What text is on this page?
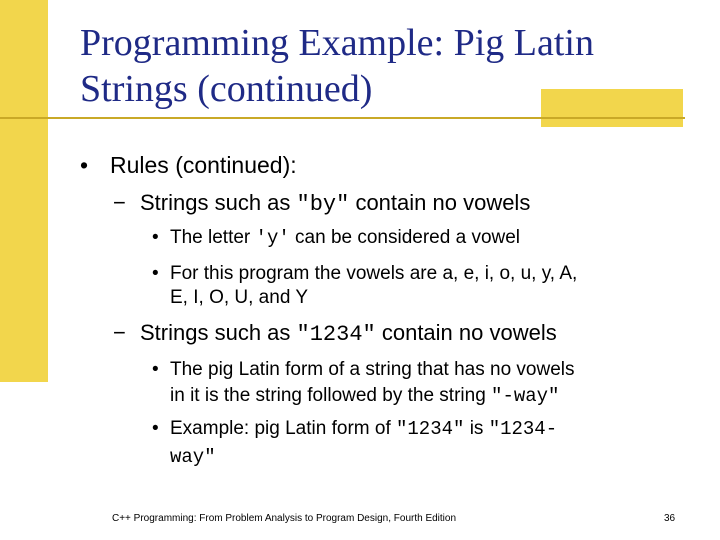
Programming Example: Pig Latin
Strings (continued)
• Rules (continued):
− Strings such as "by" contain no vowels
• The letter 'y' can be considered a vowel
• For this program the vowels are a, e, i, o, u, y, A,
E, I, O, U, and Y
− Strings such as "1234" contain no vowels
• The pig Latin form of a string that has no vowels
in it is the string followed by the string "-way"
• Example: pig Latin form of "1234" is "1234-
way"
C++ Programming: From Problem Analysis to Program Design, Fourth Edition	36
